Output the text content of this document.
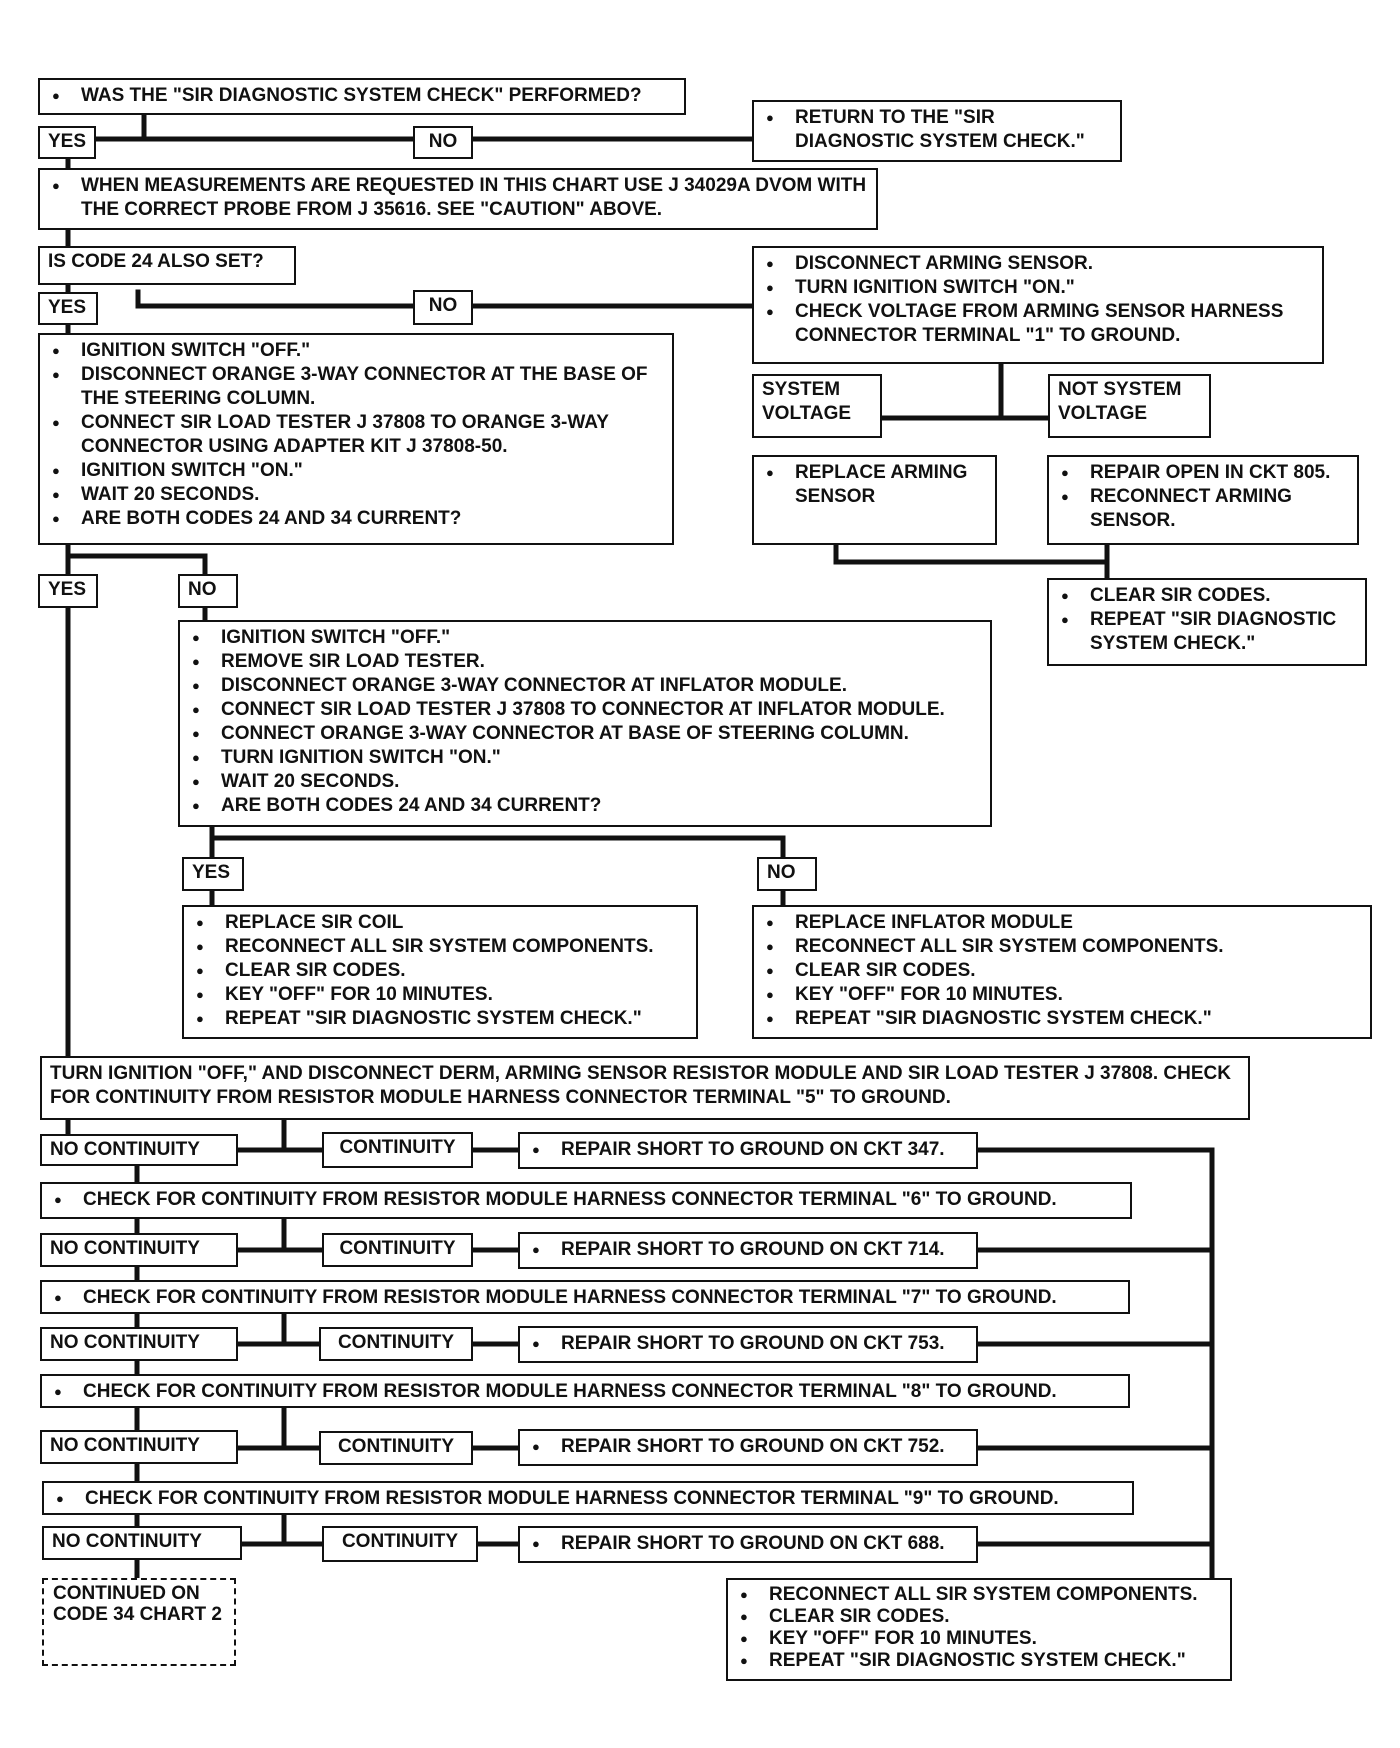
● WAS THE "SIR DIAGNOSTIC SYSTEM CHECK" PERFORMED?
YES	NO
● RETURN TO THE "SIR DIAGNOSTIC SYSTEM CHECK."
● WHEN MEASUREMENTS ARE REQUESTED IN THIS CHART USE J 34029A DVOM WITH THE CORRECT PROBE FROM J 35616. SEE "CAUTION" ABOVE.
IS CODE 24 ALSO SET?
YES	NO
● DISCONNECT ARMING SENSOR.
● TURN IGNITION SWITCH "ON."
● CHECK VOLTAGE FROM ARMING SENSOR HARNESS CONNECTOR TERMINAL "1" TO GROUND.
SYSTEM VOLTAGE
NOT SYSTEM VOLTAGE
● REPLACE ARMING SENSOR
● REPAIR OPEN IN CKT 805.
● RECONNECT ARMING SENSOR.
● CLEAR SIR CODES.
● REPEAT "SIR DIAGNOSTIC SYSTEM CHECK."
● IGNITION SWITCH "OFF."
● DISCONNECT ORANGE 3-WAY CONNECTOR AT THE BASE OF THE STEERING COLUMN.
● CONNECT SIR LOAD TESTER J 37808 TO ORANGE 3-WAY CONNECTOR USING ADAPTER KIT J 37808-50.
● IGNITION SWITCH "ON."
● WAIT 20 SECONDS.
● ARE BOTH CODES 24 AND 34 CURRENT?
YES	NO
● IGNITION SWITCH "OFF."
● REMOVE SIR LOAD TESTER.
● DISCONNECT ORANGE 3-WAY CONNECTOR AT INFLATOR MODULE.
● CONNECT SIR LOAD TESTER J 37808 TO CONNECTOR AT INFLATOR MODULE.
● CONNECT ORANGE 3-WAY CONNECTOR AT BASE OF STEERING COLUMN.
● TURN IGNITION SWITCH "ON."
● WAIT 20 SECONDS.
● ARE BOTH CODES 24 AND 34 CURRENT?
YES	NO
● REPLACE SIR COIL
● RECONNECT ALL SIR SYSTEM COMPONENTS.
● CLEAR SIR CODES.
● KEY "OFF" FOR 10 MINUTES.
● REPEAT "SIR DIAGNOSTIC SYSTEM CHECK."
● REPLACE INFLATOR MODULE
● RECONNECT ALL SIR SYSTEM COMPONENTS.
● CLEAR SIR CODES.
● KEY "OFF" FOR 10 MINUTES.
● REPEAT "SIR DIAGNOSTIC SYSTEM CHECK."
TURN IGNITION "OFF," AND DISCONNECT DERM, ARMING SENSOR RESISTOR MODULE AND SIR LOAD TESTER J 37808. CHECK FOR CONTINUITY FROM RESISTOR MODULE HARNESS CONNECTOR TERMINAL "5" TO GROUND.
NO CONTINUITY	CONTINUITY	● REPAIR SHORT TO GROUND ON CKT 347.
● CHECK FOR CONTINUITY FROM RESISTOR MODULE HARNESS CONNECTOR TERMINAL "6" TO GROUND.
NO CONTINUITY	CONTINUITY	● REPAIR SHORT TO GROUND ON CKT 714.
● CHECK FOR CONTINUITY FROM RESISTOR MODULE HARNESS CONNECTOR TERMINAL "7" TO GROUND.
NO CONTINUITY	CONTINUITY	● REPAIR SHORT TO GROUND ON CKT 753.
● CHECK FOR CONTINUITY FROM RESISTOR MODULE HARNESS CONNECTOR TERMINAL "8" TO GROUND.
NO CONTINUITY	CONTINUITY	● REPAIR SHORT TO GROUND ON CKT 752.
● CHECK FOR CONTINUITY FROM RESISTOR MODULE HARNESS CONNECTOR TERMINAL "9" TO GROUND.
NO CONTINUITY	CONTINUITY	● REPAIR SHORT TO GROUND ON CKT 688.
CONTINUED ON CODE 34 CHART 2
● RECONNECT ALL SIR SYSTEM COMPONENTS.
● CLEAR SIR CODES.
● KEY "OFF" FOR 10 MINUTES.
● REPEAT "SIR DIAGNOSTIC SYSTEM CHECK."
